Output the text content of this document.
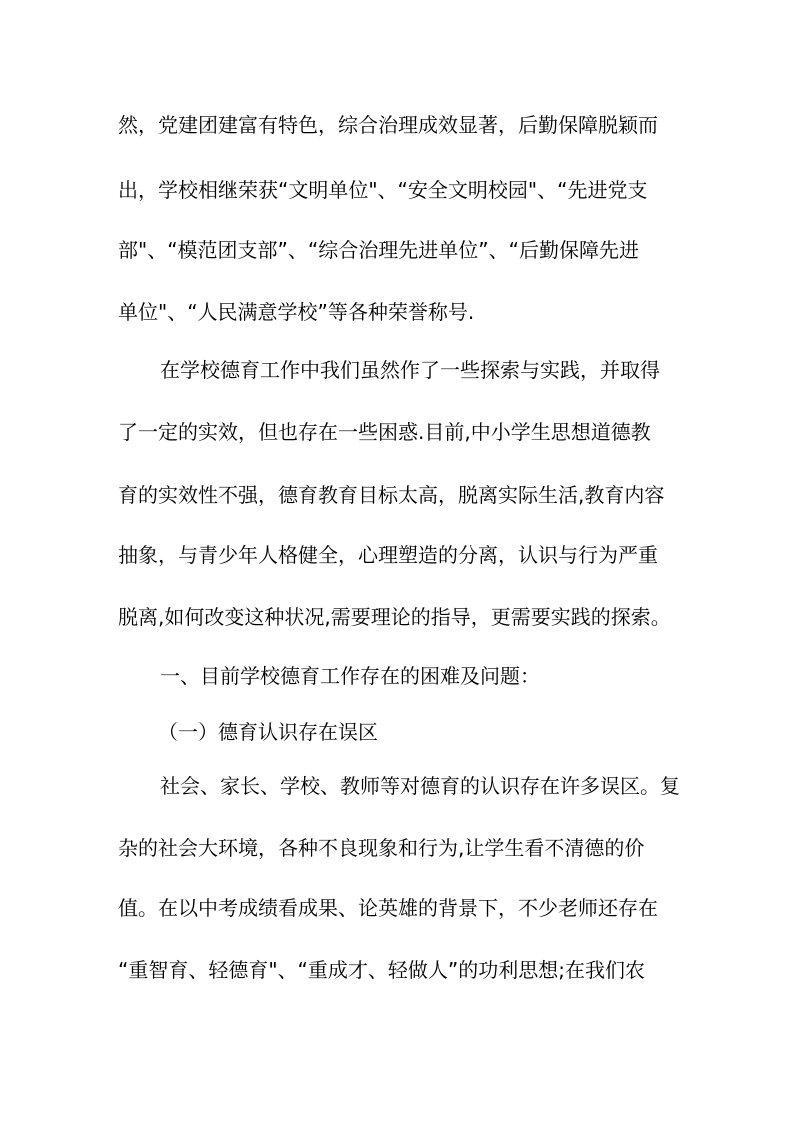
然，党建团建富有特色，综合治理成效显著，后勤保障脱颖而
出，学校相继荣获“文明单位"、“安全文明校园"、“先进党支
部"、“模范团支部”、“综合治理先进单位”、“后勤保障先进
单位"、“人民满意学校”等各种荣誉称号.
在学校德育工作中我们虽然作了一些探索与实践，并取得
了一定的实效，但也存在一些困惑.目前,中小学生思想道德教
育的实效性不强，德育教育目标太高，脱离实际生活,教育内容
抽象，与青少年人格健全，心理塑造的分离，认识与行为严重
脱离,如何改变这种状况,需要理论的指导，更需要实践的探索。
一、目前学校德育工作存在的困难及问题：
（一）德育认识存在误区
社会、家长、学校、教师等对德育的认识存在许多误区。复
杂的社会大环境，各种不良现象和行为,让学生看不清德的价
值。在以中考成绩看成果、论英雄的背景下，不少老师还存在
“重智育、轻德育"、“重成才、轻做人”的功利思想;在我们农
